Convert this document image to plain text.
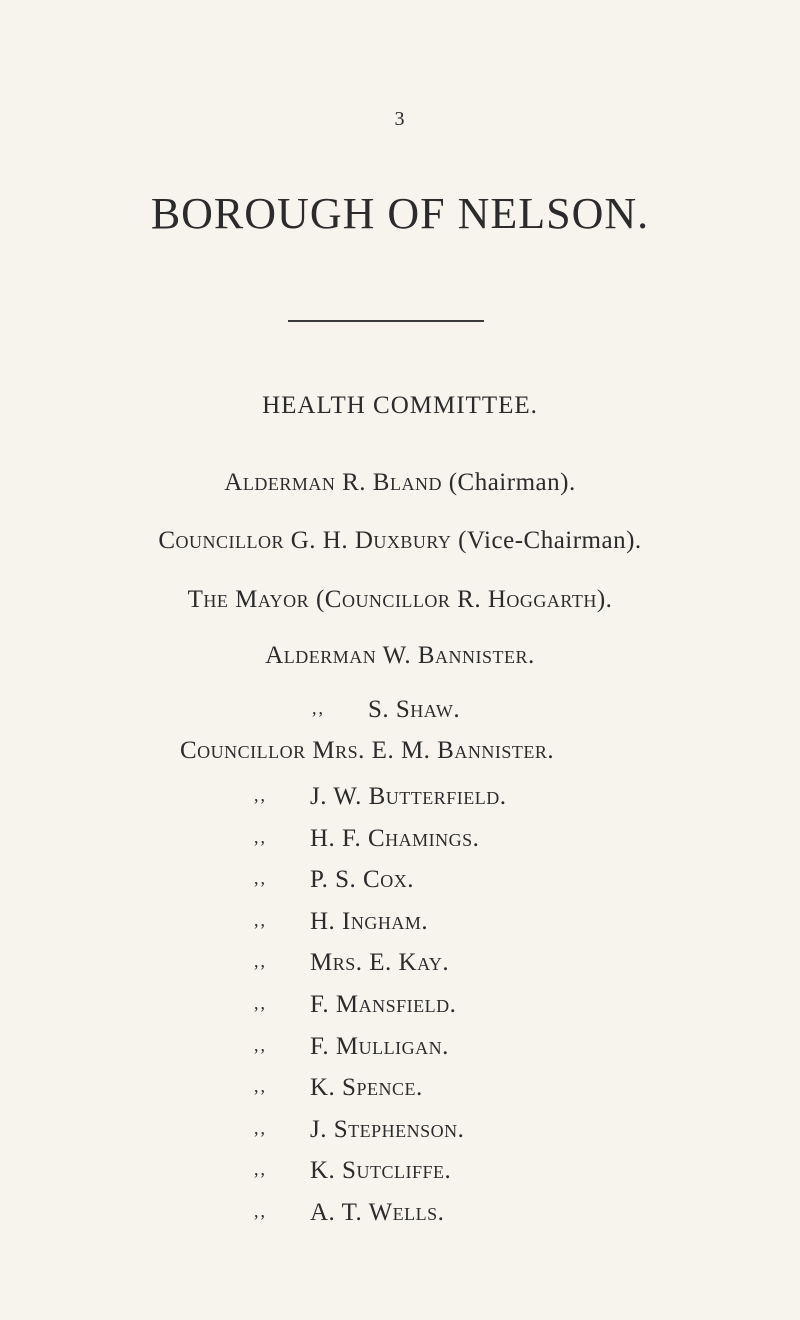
3
BOROUGH OF NELSON.
HEALTH COMMITTEE.
Alderman R. Bland (Chairman).
Councillor G. H. Duxbury (Vice-Chairman).
The Mayor (Councillor R. Hoggarth).
Alderman W. Bannister.
,, S. Shaw.
Councillor Mrs. E. M. Bannister.
,, J. W. Butterfield.
,, H. F. Chamings.
,, P. S. Cox.
,, H. Ingham.
,, Mrs. E. Kay.
,, F. Mansfield.
,, F. Mulligan.
,, K. Spence.
,, J. Stephenson.
,, K. Sutcliffe.
,, A. T. Wells.
